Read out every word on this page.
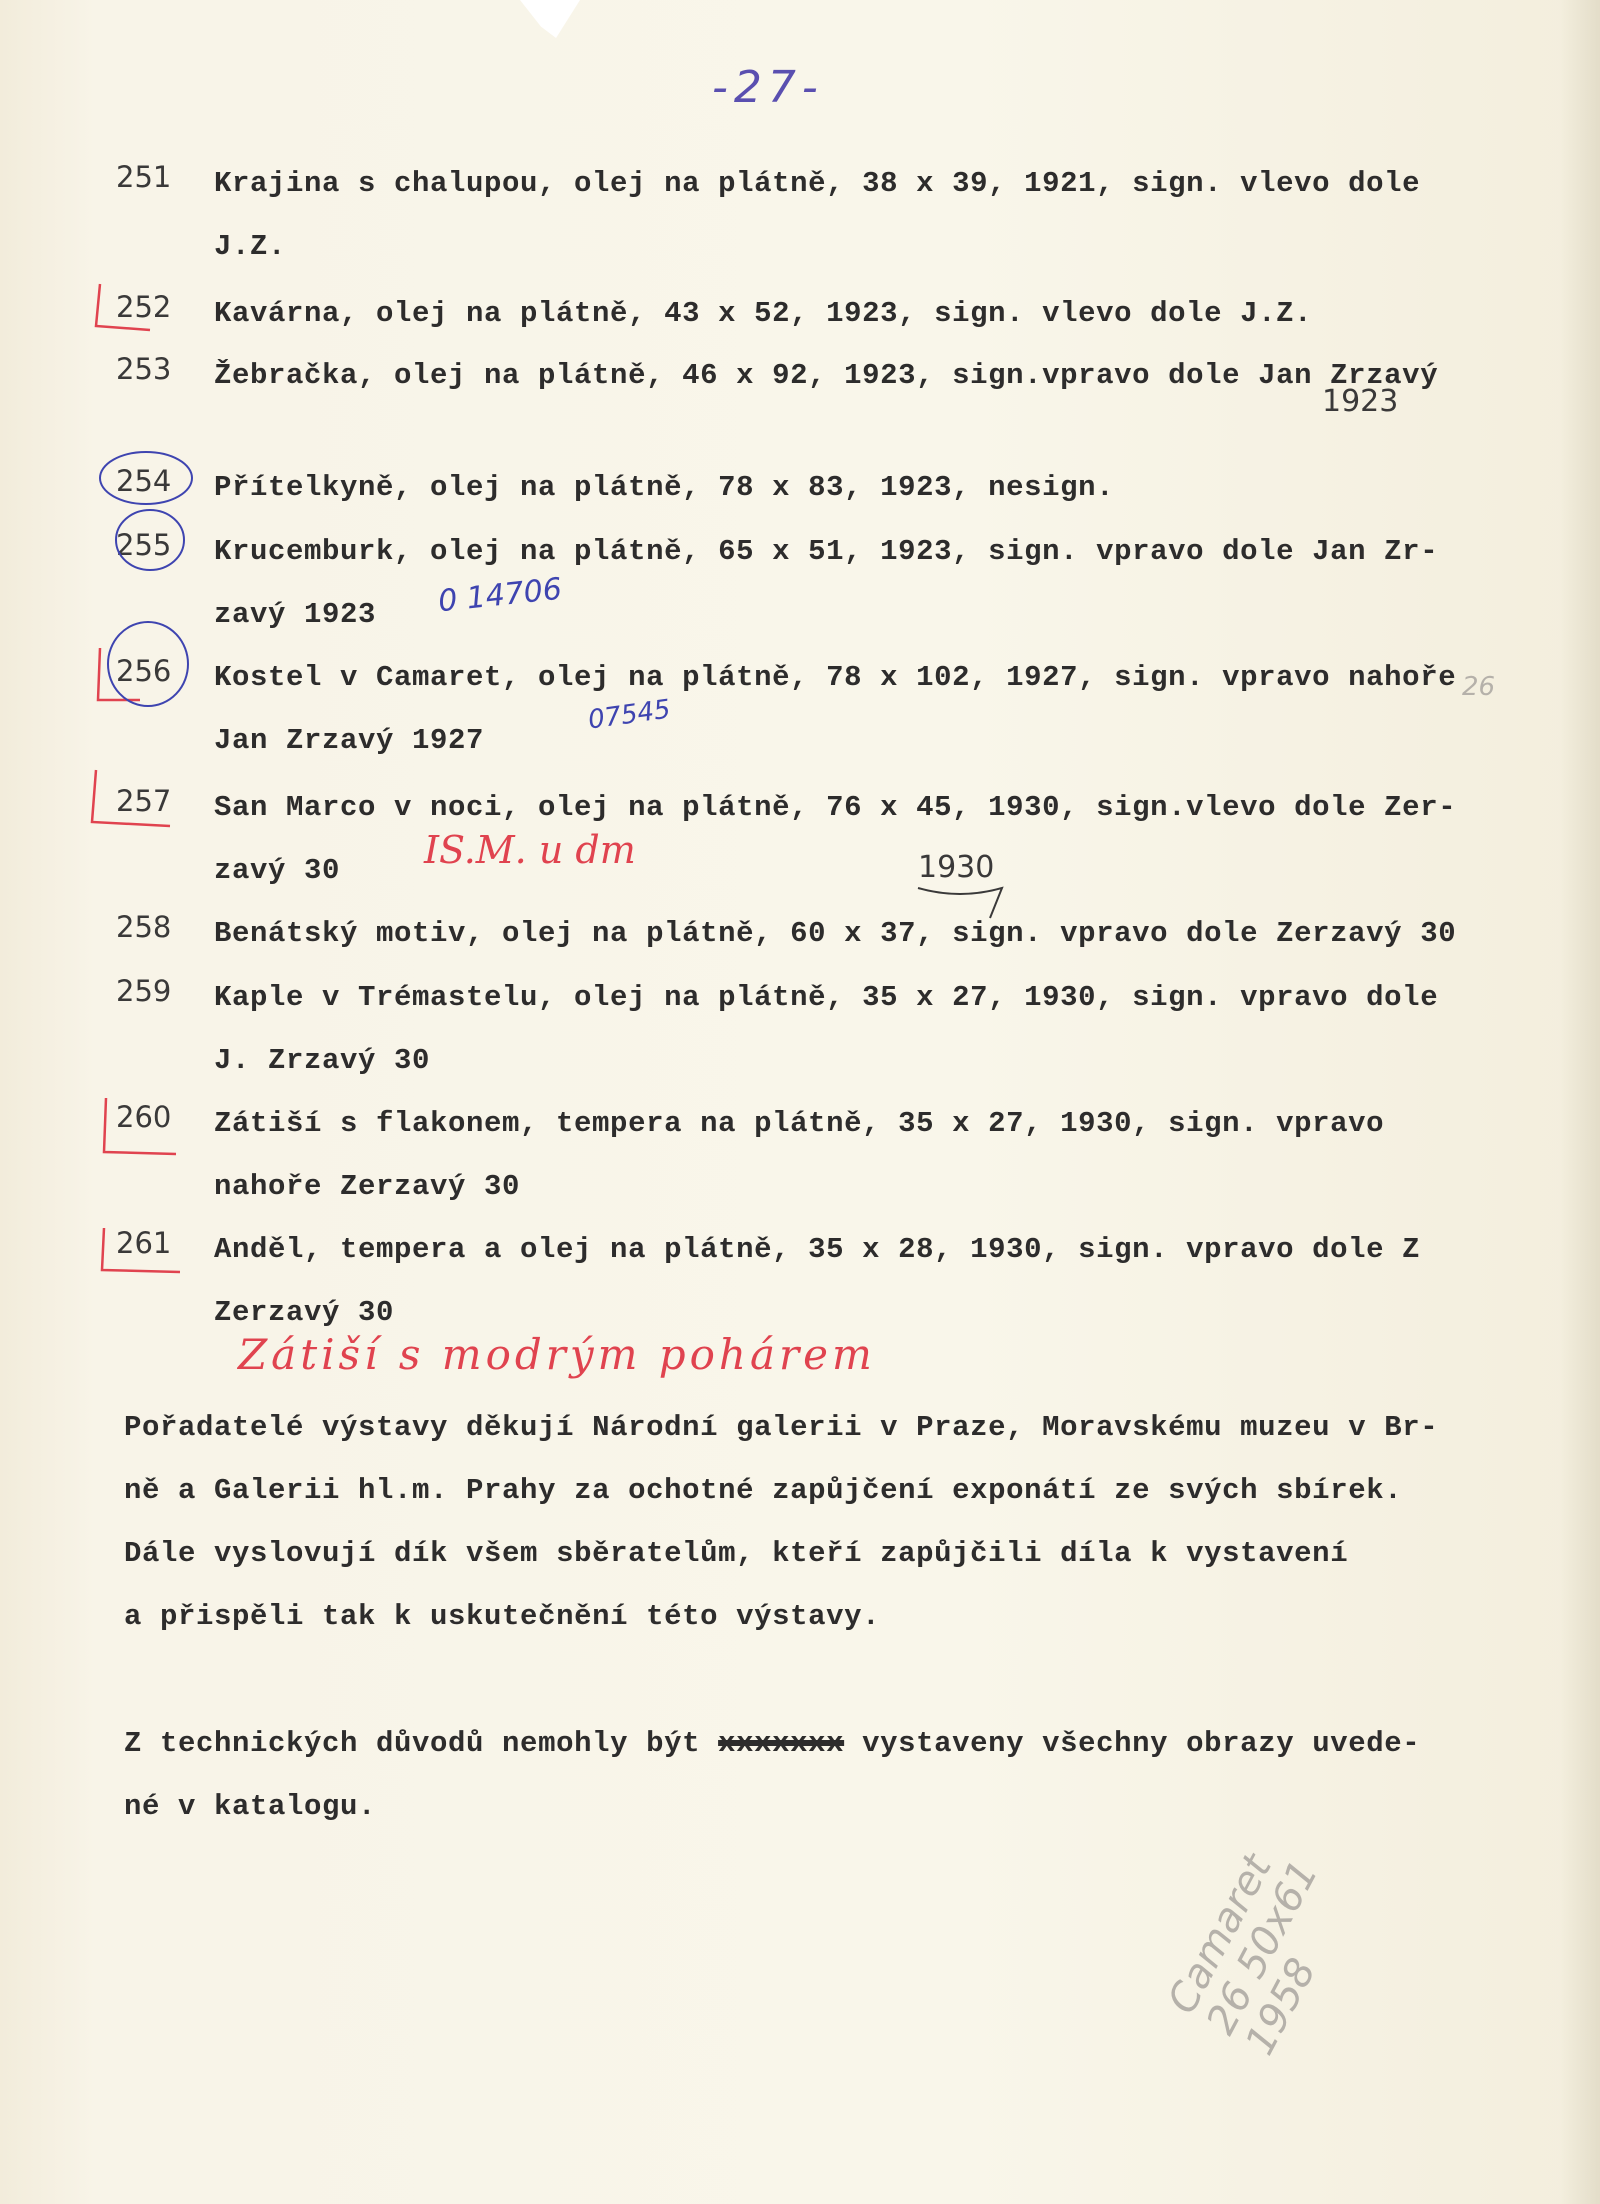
-27-
251	Krajina s chalupou, olej na plátně, 38 x 39, 1921, sign. vlevo dole
J.Z.
252	Kavárna, olej na plátně, 43 x 52, 1923, sign. vlevo dole J.Z.
253	Žebračka, olej na plátně, 46 x 92, 1923, sign.vpravo dole Jan Zrzavý
1923
254	Přítelkyně, olej na plátně, 78 x 83, 1923, nesign.
255	Krucemburk, olej na plátně, 65 x 51, 1923, sign. vpravo dole Jan Zr-
zavý 1923	0 14706
256	Kostel v Camaret, olej na plátně, 78 x 102, 1927, sign. vpravo nahoře
Jan Zrzavý 1927
07545
26
257	San Marco v noci, olej na plátně, 76 x 45, 1930, sign.vlevo dole Zer-
zavý 30	IS.M. u dm	1930
258	Benátský motiv, olej na plátně, 60 x 37, sign. vpravo dole Zerzavý 30
259	Kaple v Trémastelu, olej na plátně, 35 x 27, 1930, sign. vpravo dole
J. Zrzavý 30
260	Zátiší s flakonem, tempera na plátně, 35 x 27, 1930, sign. vpravo
nahoře Zerzavý 30
261	Anděl, tempera a olej na plátně, 35 x 28, 1930, sign. vpravo dole Z
Zerzavý 30
Zátiší s modrým pohárem
Pořadatelé výstavy děkují Národní galerii v Praze, Moravskému muzeu v Br-
ně a Galerii hl.m. Prahy za ochotné zapůjčení exponátí ze svých sbírek.
Dále vyslovují dík všem sběratelům, kteří zapůjčili díla k vystavení
a přispěli tak k uskutečnění této výstavy.
Z technických důvodů nemohly být xxxxxxx vystaveny všechny obrazy uvede-
né v katalogu.
Camaret 26 50x61 1958
